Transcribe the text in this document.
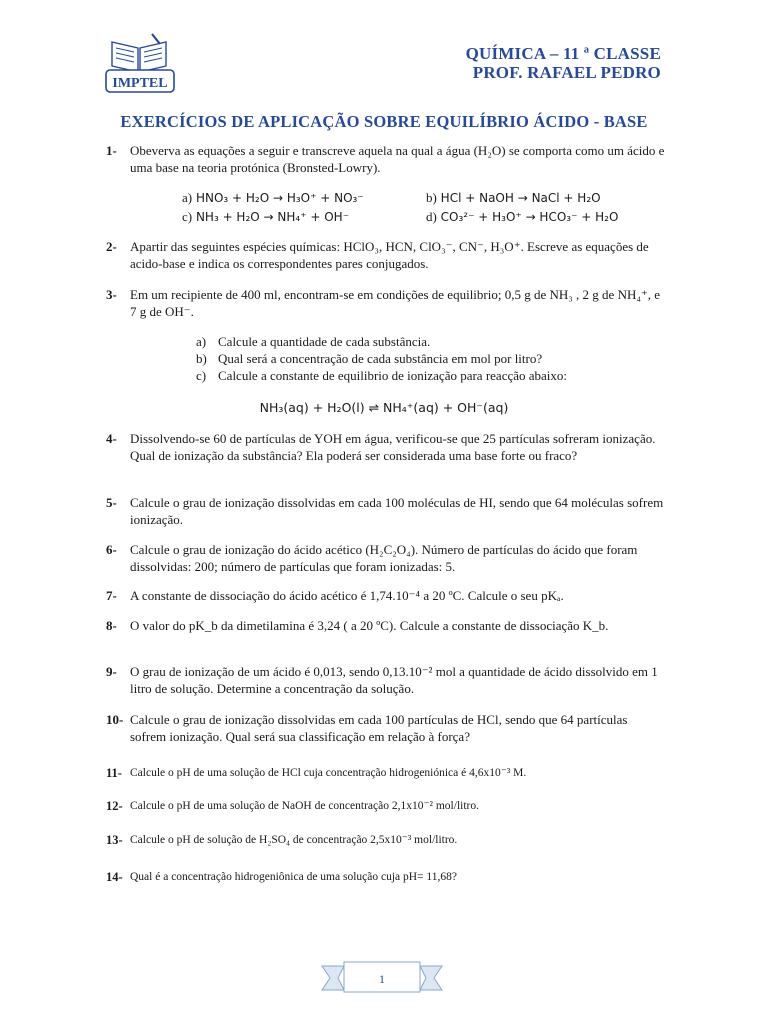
IMPTEL
QUÍMICA – 11 ª CLASSE
PROF. RAFAEL PEDRO
EXERCÍCIOS DE APLICAÇÃO SOBRE EQUILÍBRIO ÁCIDO - BASE
1- Obeverva as equações a seguir e transcreve aquela na qual a água (H₂O) se comporta como um ácido e uma base na teoria protónica (Bronsted-Lowry).
a) HNO₃ + H₂O → H₃O⁺ + NO₃⁻	b) HCl + NaOH → NaCl + H₂O
c) NH₃ + H₂O → NH₄⁺ + OH⁻	d) CO₃²⁻ + H₃O⁺ → HCO₃⁻ + H₂O
2- Apartir das seguintes espécies químicas: HClO₃, HCN, ClO₃⁻, CN⁻, H₃O⁺. Escreve as equações de acido-base e indica os correspondentes pares conjugados.
3- Em um recipiente de 400 ml, encontram-se em condições de equilibrio; 0,5 g de NH₃ , 2 g de NH₄⁺, e 7 g de OH⁻.
a) Calcule a quantidade de cada substância.
b) Qual será a concentração de cada substância em mol por litro?
c) Calcule a constante de equilibrio de ionização para reacção abaixo:
NH₃(aq) + H₂O(l) ⇌ NH₄⁺(aq) + OH⁻(aq)
4- Dissolvendo-se 60 de partículas de YOH em água, verificou-se que 25 partículas sofreram ionização. Qual de ionização da substância? Ela poderá ser considerada uma base forte ou fraco?
5- Calcule o grau de ionização dissolvidas em cada 100 moléculas de HI, sendo que 64 moléculas sofrem ionização.
6- Calcule o grau de ionização do ácido acético (H₂C₂O₄). Número de partículas do ácido que foram dissolvidas: 200; número de partículas que foram ionizadas: 5.
7- A constante de dissociação do ácido acético é 1,74.10⁻⁴ a 20 ºC. Calcule o seu pKₐ.
8- O valor do pK_b da dimetilamina é 3,24 ( a 20 ºC). Calcule a constante de dissociação K_b.
9- O grau de ionização de um ácido é 0,013, sendo 0,13.10⁻² mol a quantidade de ácido dissolvido em 1 litro de solução. Determine a concentração da solução.
10- Calcule o grau de ionização dissolvidas em cada 100 partículas de HCl, sendo que 64 partículas sofrem ionização. Qual será sua classificação em relação à força?
11- Calcule o pH de uma solução de HCl cuja concentração hidrogeniónica é 4,6x10⁻³ M.
12- Calcule o pH de uma solução de NaOH de concentração 2,1x10⁻² mol/litro.
13- Calcule o pH de solução de H₂SO₄ de concentração 2,5x10⁻³ mol/litro.
14- Qual é a concentração hidrogeniônica de uma solução cuja pH= 11,68?
1
